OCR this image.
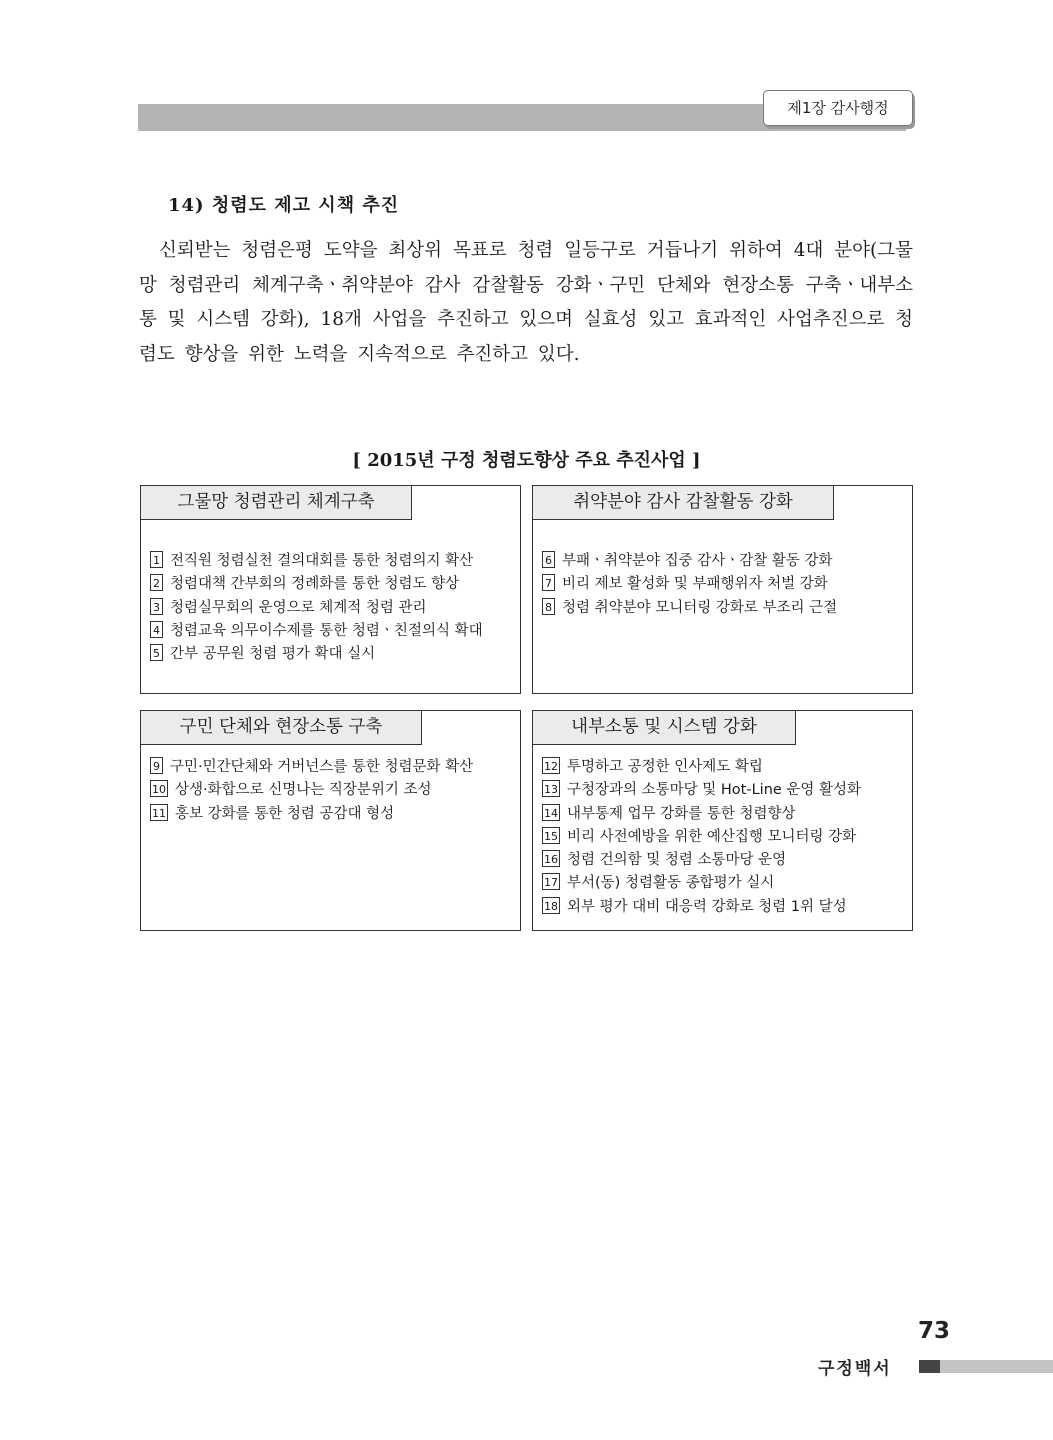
제1장 감사행정
14) 청렴도 제고 시책 추진

신뢰받는 청렴은평 도약을 최상위 목표로 청렴 일등구로 거듭나기 위하여 4대 분야(그물망 청렴관리 체계구축ㆍ취약분야 감사 감찰활동 강화ㆍ구민 단체와 현장소통 구축ㆍ내부소통 및 시스템 강화), 18개 사업을 추진하고 있으며 실효성 있고 효과적인 사업추진으로 청렴도 향상을 위한 노력을 지속적으로 추진하고 있다.

[ 2015년 구정 청렴도향상 주요 추진사업 ]
그물망 청렴관리 체계구축
1 전직원 청렴실천 결의대회를 통한 청렴의지 확산
2 청렴대책 간부회의 정례화를 통한 청렴도 향상
3 청렴실무회의 운영으로 체계적 청렴 관리
4 청렴교육 의무이수제를 통한 청렴ㆍ친절의식 확대
5 간부 공무원 청렴 평가 확대 실시
취약분야 감사 감찰활동 강화
6 부패ㆍ취약분야 집중 감사ㆍ감찰 활동 강화
7 비리 제보 활성화 및 부패행위자 처벌 강화
8 청렴 취약분야 모니터링 강화로 부조리 근절
구민 단체와 현장소통 구축
9 구민·민간단체와 거버넌스를 통한 청렴문화 확산
10 상생·화합으로 신명나는 직장분위기 조성
11 홍보 강화를 통한 청렴 공감대 형성
내부소통 및 시스템 강화
12 투명하고 공정한 인사제도 확립
13 구청장과의 소통마당 및 Hot-Line 운영 활성화
14 내부통제 업무 강화를 통한 청렴향상
15 비리 사전예방을 위한 예산집행 모니터링 강화
16 청렴 건의함 및 청렴 소통마당 운영
17 부서(동) 청렴활동 종합평가 실시
18 외부 평가 대비 대응력 강화로 청렴 1위 달성
73
구정백서
